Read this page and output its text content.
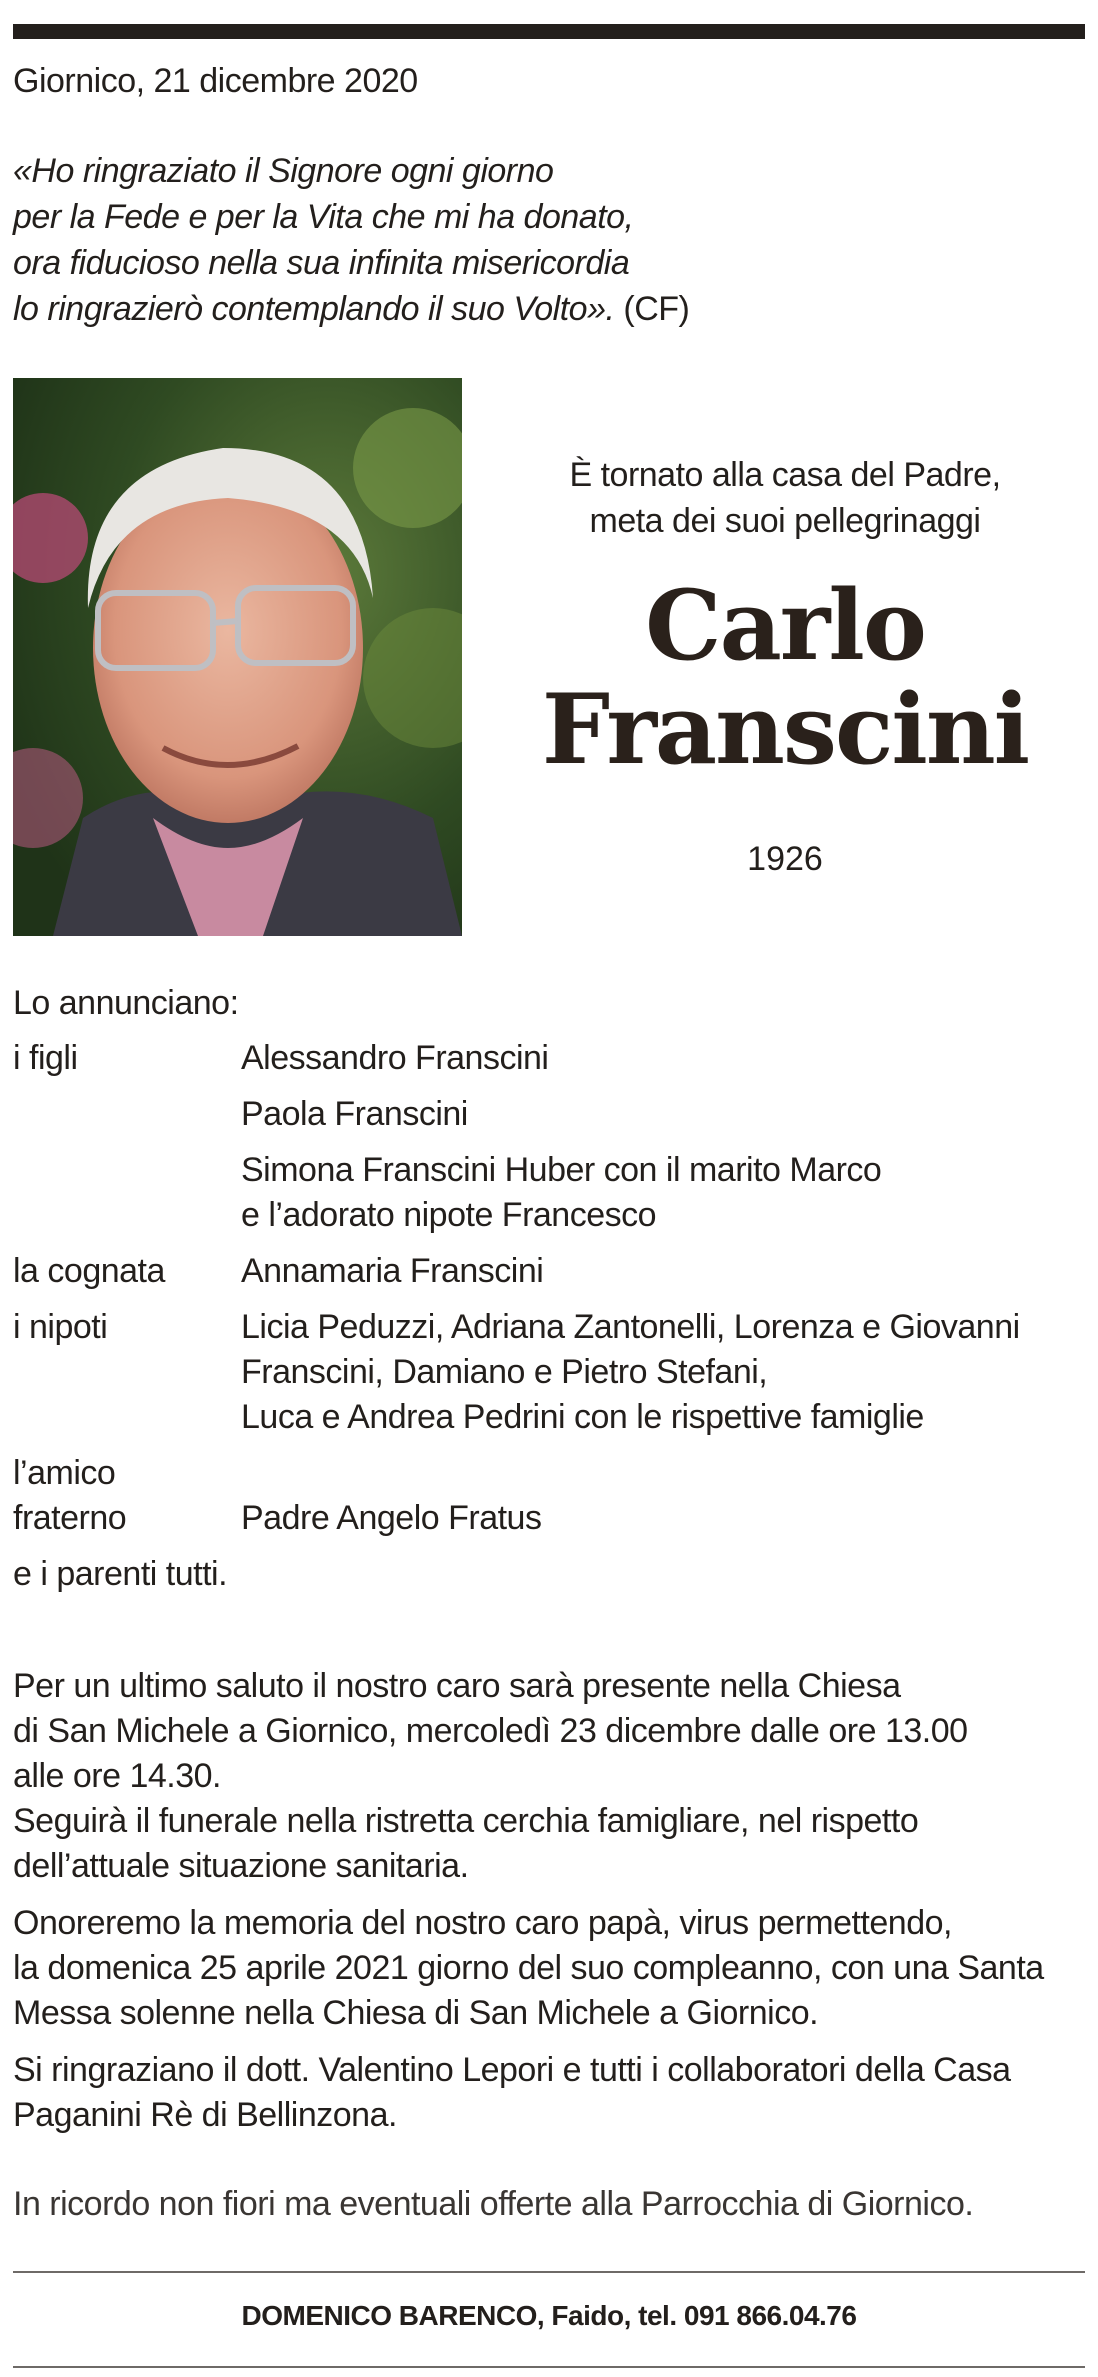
Giornico, 21 dicembre 2020
«Ho ringraziato il Signore ogni giorno
per la Fede e per la Vita che mi ha donato,
ora fiducioso nella sua infinita misericordia
lo ringrazierò contemplando il suo Volto». (CF)
È tornato alla casa del Padre,
meta dei suoi pellegrinaggi
Carlo
Franscini
1926
Lo annunciano:
i figli	Alessandro Franscini
Paola Franscini
Simona Franscini Huber con il marito Marco
e l’adorato nipote Francesco
la cognata	Annamaria Franscini
i nipoti	Licia Peduzzi, Adriana Zantonelli, Lorenza e Giovanni
Franscini, Damiano e Pietro Stefani,
Luca e Andrea Pedrini con le rispettive famiglie
l’amico
fraterno	Padre Angelo Fratus
e i parenti tutti.

Per un ultimo saluto il nostro caro sarà presente nella Chiesa
di San Michele a Giornico, mercoledì 23 dicembre dalle ore 13.00
alle ore 14.30.
Seguirà il funerale nella ristretta cerchia famigliare, nel rispetto
dell’attuale situazione sanitaria.

Onoreremo la memoria del nostro caro papà, virus permettendo,
la domenica 25 aprile 2021 giorno del suo compleanno, con una Santa
Messa solenne nella Chiesa di San Michele a Giornico.

Si ringraziano il dott. Valentino Lepori e tutti i collaboratori della Casa
Paganini Rè di Bellinzona.

In ricordo non fiori ma eventuali offerte alla Parrocchia di Giornico.
DOMENICO BARENCO, Faido, tel. 091 866.04.76
